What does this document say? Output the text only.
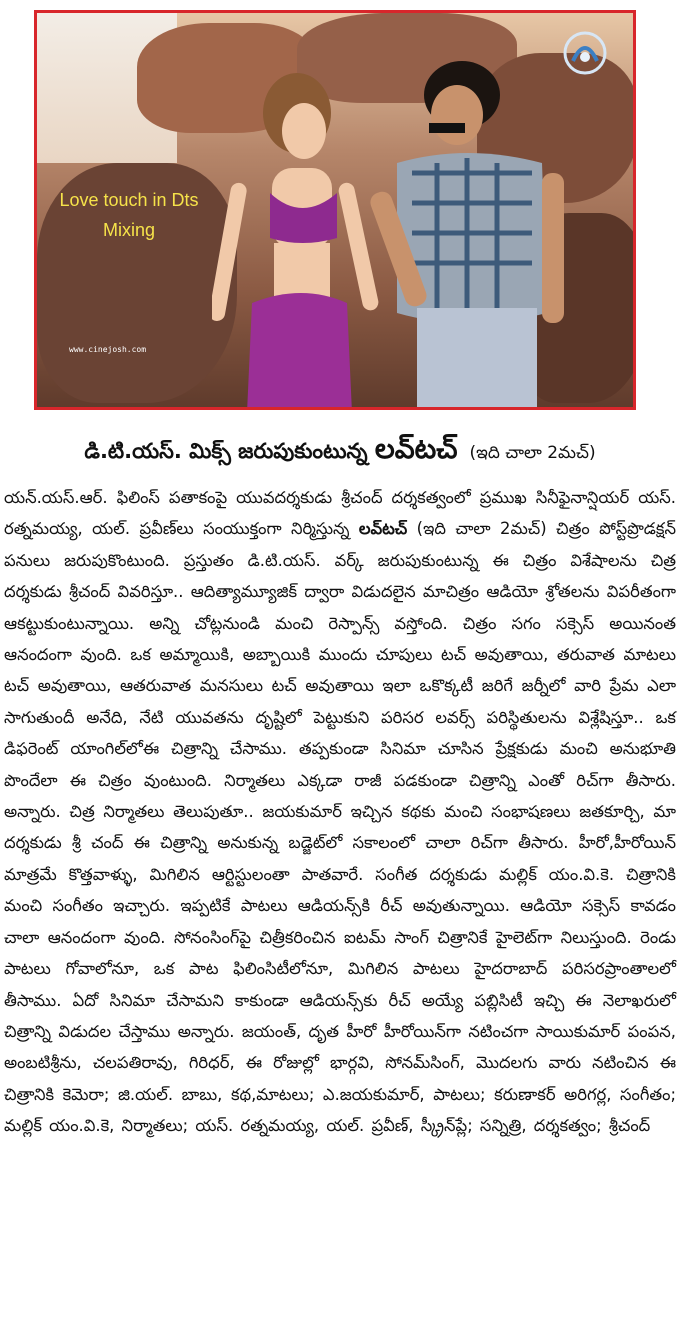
Love touch in Dts
Mixing
www.cinejosh.com
డి.టి.యస్. మిక్స్ జరుపుకుంటున్న లవ్‌టచ్ (ఇది చాలా 2మచ్)
యన్.యస్.ఆర్. ఫిలింస్ పతాకంపై యువదర్శకుడు శ్రీచంద్ దర్శకత్వంలో ప్రముఖ సినీఫైనాన్షియర్ యస్. రత్నమయ్య, యల్. ప్రవీణ్‌లు సంయుక్తంగా నిర్మిస్తున్న లవ్‌టచ్ (ఇది చాలా 2మచ్) చిత్రం పోస్ట్‌ప్రొడక్షన్ పనులు జరుపుకొంటుంది. ప్రస్తుతం డి.టి.యస్. వర్క్ జరుపుకుంటున్న ఈ చిత్రం విశేషాలను చిత్ర దర్శకుడు శ్రీచంద్ వివరిస్తూ.. ఆదిత్యామ్యూజిక్ ద్వారా విడుదలైన మాచిత్రం ఆడియో శ్రోతలను విపరీతంగా ఆకట్టుకుంటున్నాయి. అన్ని చోట్లనుండి మంచి రెస్పాన్స్ వస్తోంది. చిత్రం సగం సక్సెస్ అయినంత ఆనందంగా వుంది. ఒక అమ్మాయికి, అబ్బాయికి ముందు చూపులు టచ్ అవుతాయి, తరువాత మాటలు టచ్ అవుతాయి, ఆతరువాత మనసులు టచ్ అవుతాయి ఇలా ఒకొక్కటీ జరిగే జర్నీలో వారి ప్రేమ ఎలా సాగుతుందీ అనేది, నేటి యువతను దృష్టిలో పెట్టుకుని పరిసర లవర్స్ పరిస్థితులను విశ్లేషిస్తూ.. ఒక డిఫరెంట్ యాంగిల్‌లోఈ చిత్రాన్ని చేసాము. తప్పకుండా సినిమా చూసిన ప్రేక్షకుడు మంచి అనుభూతి పొందేలా ఈ చిత్రం వుంటుంది. నిర్మాతలు ఎక్కడా రాజీ పడకుండా చిత్రాన్ని ఎంతో రిచ్‌గా తీసారు. అన్నారు. చిత్ర నిర్మాతలు తెలుపుతూ.. జయకుమార్ ఇచ్చిన కథకు మంచి సంభాషణలు జతకూర్చి, మా దర్శకుడు శ్రీ చంద్ ఈ చిత్రాన్ని అనుకున్న బడ్జెట్‌లో సకాలంలో చాలా రిచ్‌గా తీసారు. హీరో,హీరోయిన్ మాత్రమే కొత్తవాళ్ళు, మిగిలిన ఆర్టిస్టులంతా పాతవారే. సంగీత దర్శకుడు మల్లిక్ యం.వి.కె. చిత్రానికి మంచి సంగీతం ఇచ్చారు. ఇప్పటికే పాటలు ఆడియన్స్‌కి రీచ్ అవుతున్నాయి. ఆడియో సక్సెస్ కావడం చాలా ఆనందంగా వుంది. సోనంసింగ్‌పై చిత్రీకరించిన ఐటమ్ సాంగ్ చిత్రానికే హైలెట్‌గా నిలుస్తుంది. రెండు పాటలు గోవాలోనూ, ఒక పాట ఫిలింసిటీలోనూ, మిగిలిన పాటలు హైదరాబాద్ పరిసరప్రాంతాలలో తీసాము. ఏదో సినిమా చేసామని కాకుండా ఆడియన్స్‌కు రీచ్ అయ్యే పబ్లిసిటీ ఇచ్చి ఈ నెలాఖరులో చిత్రాన్ని విడుదల చేస్తాము అన్నారు. జయంత్, దృత హీరో హీరోయిన్‌గా నటించగా సాయికుమార్ పంపన, అంబటిశ్రీను, చలపతిరావు, గిరిధర్, ఈ రోజుల్లో భార్గవి, సోనమ్‌సింగ్, మొదలగు వారు నటించిన ఈ చిత్రానికి కెమెరా; జి.యల్. బాబు, కథ,మాటలు; ఎ.జయకుమార్, పాటలు; కరుణాకర్ అరిగర్ల, సంగీతం; మల్లిక్ యం.వి.కె, నిర్మాతలు; యస్. రత్నమయ్య, యల్. ప్రవీణ్, స్క్రీన్‌ప్లే; సన్నిత్రి, దర్శకత్వం; శ్రీచంద్
